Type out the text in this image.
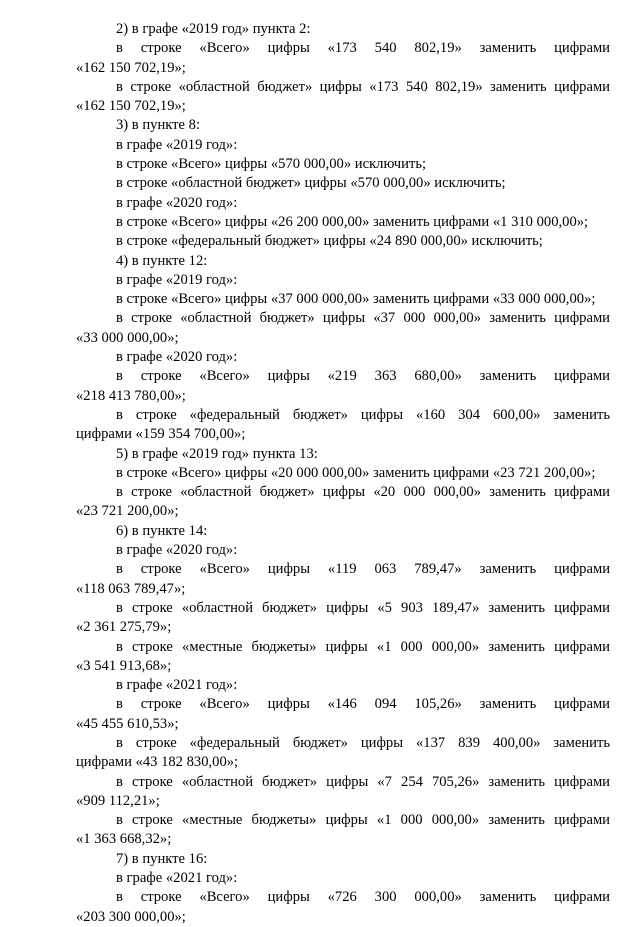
2) в графе «2019 год» пункта 2:
в строке «Всего» цифры «173 540 802,19» заменить цифрами
«162 150 702,19»;
в строке «областной бюджет» цифры «173 540 802,19» заменить цифрами
«162 150 702,19»;
3) в пункте 8:
в графе «2019 год»:
в строке «Всего» цифры «570 000,00» исключить;
в строке «областной бюджет» цифры «570 000,00» исключить;
в графе «2020 год»:
в строке «Всего» цифры «26 200 000,00» заменить цифрами «1 310 000,00»;
в строке «федеральный бюджет» цифры «24 890 000,00» исключить;
4) в пункте 12:
в графе «2019 год»:
в строке «Всего» цифры «37 000 000,00» заменить цифрами «33 000 000,00»;
в строке «областной бюджет» цифры «37 000 000,00» заменить цифрами
«33 000 000,00»;
в графе «2020 год»:
в строке «Всего» цифры «219 363 680,00» заменить цифрами
«218 413 780,00»;
в строке «федеральный бюджет» цифры «160 304 600,00» заменить
цифрами «159 354 700,00»;
5) в графе «2019 год» пункта 13:
в строке «Всего» цифры «20 000 000,00» заменить цифрами «23 721 200,00»;
в строке «областной бюджет» цифры «20 000 000,00» заменить цифрами
«23 721 200,00»;
6) в пункте 14:
в графе «2020 год»:
в строке «Всего» цифры «119 063 789,47» заменить цифрами
«118 063 789,47»;
в строке «областной бюджет» цифры «5 903 189,47» заменить цифрами
«2 361 275,79»;
в строке «местные бюджеты» цифры «1 000 000,00» заменить цифрами
«3 541 913,68»;
в графе «2021 год»:
в строке «Всего» цифры «146 094 105,26» заменить цифрами
«45 455 610,53»;
в строке «федеральный бюджет» цифры «137 839 400,00» заменить
цифрами «43 182 830,00»;
в строке «областной бюджет» цифры «7 254 705,26» заменить цифрами
«909 112,21»;
в строке «местные бюджеты» цифры «1 000 000,00» заменить цифрами
«1 363 668,32»;
7) в пункте 16:
в графе «2021 год»:
в строке «Всего» цифры «726 300 000,00» заменить цифрами
«203 300 000,00»;
